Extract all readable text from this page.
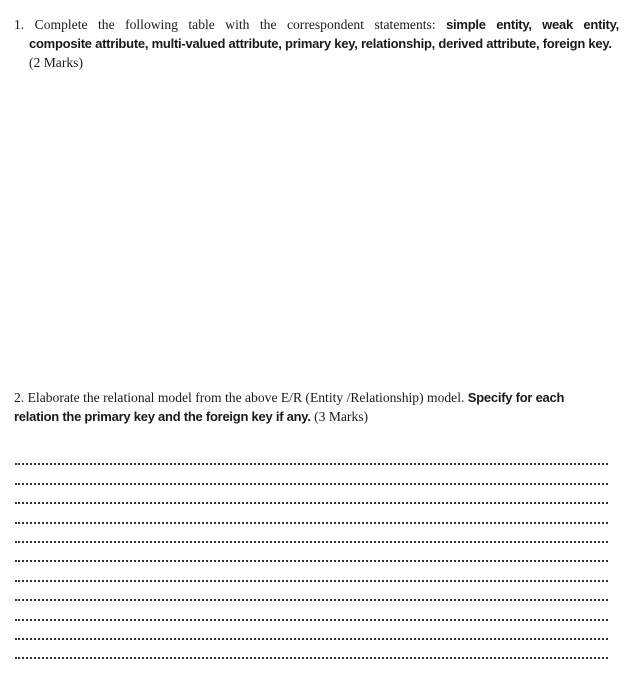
1. Complete the following table with the correspondent statements: simple entity, weak entity,
composite attribute, multi-valued attribute, primary key, relationship, derived attribute, foreign key.
(2 Marks)
2. Elaborate the relational model from the above E/R (Entity /Relationship) model. Specify for each
relation the primary key and the foreign key if any. (3 Marks)
